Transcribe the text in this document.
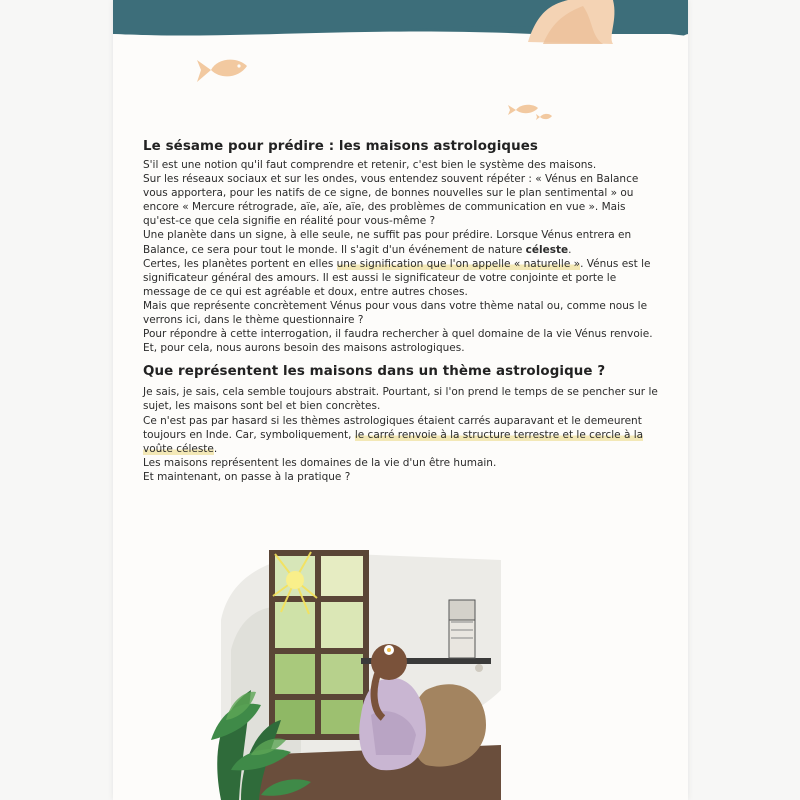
Le sésame pour prédire : les maisons astrologiques

S'il est une notion qu'il faut comprendre et retenir, c'est bien le système des maisons.

Sur les réseaux sociaux et sur les ondes, vous entendez souvent répéter : « Vénus en Balance vous apportera, pour les natifs de ce signe, de bonnes nouvelles sur le plan sentimental » ou encore « Mercure rétrograde, aïe, aïe, aïe, des problèmes de communication en vue ». Mais qu'est-ce que cela signifie en réalité pour vous-même ?

Une planète dans un signe, à elle seule, ne suffit pas pour prédire. Lorsque Vénus entrera en Balance, ce sera pour tout le monde. Il s'agit d'un événement de nature céleste.

Certes, les planètes portent en elles une signification que l'on appelle « naturelle ». Vénus est le significateur général des amours. Il est aussi le significateur de votre conjointe et porte le message de ce qui est agréable et doux, entre autres choses.

Mais que représente concrètement Vénus pour vous dans votre thème natal ou, comme nous le verrons ici, dans le thème questionnaire ?

Pour répondre à cette interrogation, il faudra rechercher à quel domaine de la vie Vénus renvoie. Et, pour cela, nous aurons besoin des maisons astrologiques.

Que représentent les maisons dans un thème astrologique ?

Je sais, je sais, cela semble toujours abstrait. Pourtant, si l'on prend le temps de se pencher sur le sujet, les maisons sont bel et bien concrètes.

Ce n'est pas par hasard si les thèmes astrologiques étaient carrés auparavant et le demeurent toujours en Inde. Car, symboliquement, le carré renvoie à la structure terrestre et le cercle à la voûte céleste.

Les maisons représentent les domaines de la vie d'un être humain.

Et maintenant, on passe à la pratique ?
